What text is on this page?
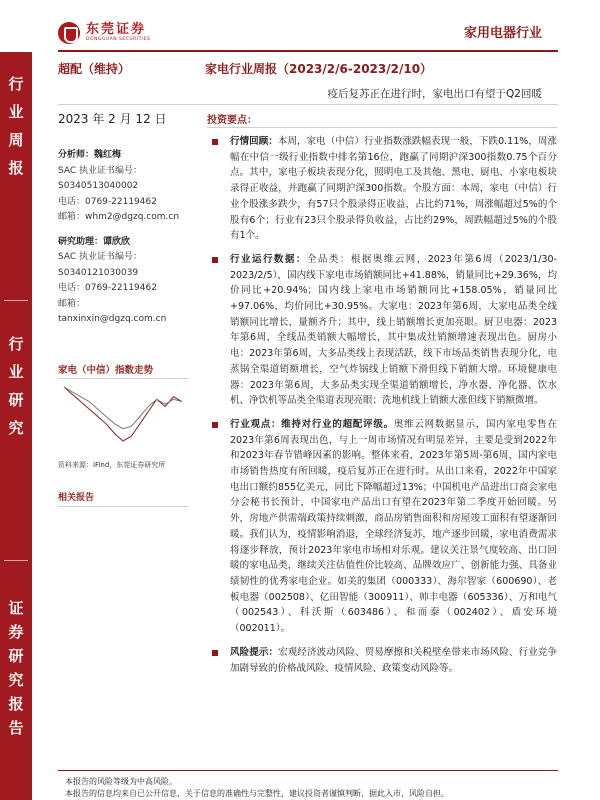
东莞证券
DONGGUAN SECURITIES	家用电器行业
行
业
周
报
行
业
研
究
证
券
研
究
报
告
超配（维持）	家电行业周报（2023/2/6-2023/2/10）
疫后复苏正在进行时，家电出口有望于Q2回暖
2023 年 2 月 12 日
分析师：魏红梅
SAC 执业证书编号：
S0340513040002
电话：0769-22119462
邮箱：whm2@dgzq.com.cn
研究助理：谭欣欣
SAC 执业证书编号：
S0340121030039
电话：0769-22119462
邮箱：
tanxinxin@dgzq.com.cn
家电（中信）指数走势
资料来源：iFind，东莞证券研究所
相关报告
投资要点：
行情回顾：本周，家电（中信）行业指数涨跌幅表现一般，下跌0.11%，周涨幅在中信一级行业指数中排名第16位，跑赢了同期沪深300指数0.75个百分点。其中，家电子板块表现分化，照明电工及其他、黑电、厨电、小家电板块录得正收益，并跑赢了同期沪深300指数。个股方面：本周，家电（中信）行业个股涨多跌少，有57只个股录得正收益，占比约71%，周涨幅超过5%的个股有6个；行业有23只个股录得负收益，占比约29%，周跌幅超过5%的个股有1个。
行业运行数据：全品类：根据奥维云网，2023年第6周（2023/1/30-2023/2/5），国内线下家电市场销额同比+41.88%，销量同比+29.36%，均价同比+20.94%；国内线上家电市场销额同比+158.05%，销量同比+97.06%，均价同比+30.95%。大家电：2023年第6周，大家电品类全线销额同比增长，量额齐升；其中，线上销额增长更加亮眼。厨卫电器：2023年第6周，全线品类销额大幅增长，其中集成灶销额增速表现出色。厨房小电：2023年第6周，大多品类线上表现活跃，线下市场品类销售表现分化，电蒸锅全渠道销额增长，空气炸锅线上销额下滑但线下销额大增。环境健康电器：2023年第6周，大多品类实现全渠道销额增长，净水器、净化器、饮水机、净饮机等品类全渠道表现亮眼；洗地机线上销额大涨但线下销额微增。
行业观点：维持对行业的超配评级。奥维云网数据显示，国内家电零售在2023年第6周表现出色，与上一周市场情况有明显差异，主要是受到2022年和2023年春节错峰因素的影响。整体来看，2023年第5周-第6周，国内家电市场销售热度有所回暖，疫后复苏正在进行时。从出口来看，2022年中国家电出口额约855亿美元，同比下降幅超过13%；中国机电产品进出口商会家电分会秘书长预计，中国家电产品出口有望在2023年第二季度开始回暖。另外，房地产供需端政策持续刺激，商品房销售面积和房屋竣工面积有望逐渐回暖。我们认为，疫情影响消退，全球经济复苏，地产逐步回暖，家电消费需求将逐步释放，预计2023年家电市场相对乐观。建议关注景气度较高、出口回暖的家电品类，继续关注估值性价比较高、品牌效应广、创新能力强、具备业绩韧性的优秀家电企业。如美的集团（000333）、海尔智家（600690）、老板电器（002508）、亿田智能（300911）、帅丰电器（605336）、万和电气（002543）、科沃斯（603486）、和而泰（002402）、盾安环境（002011）。
风险提示：宏观经济波动风险、贸易摩擦和关税壁垒带来市场风险、行业竞争加剧导致的价格战风险、疫情风险、政策变动风险等。
本报告的风险等级为中高风险。
本报告的信息均来自已公开信息，关于信息的准确性与完整性，建议投资者谨慎判断，据此入市，风险自担。
